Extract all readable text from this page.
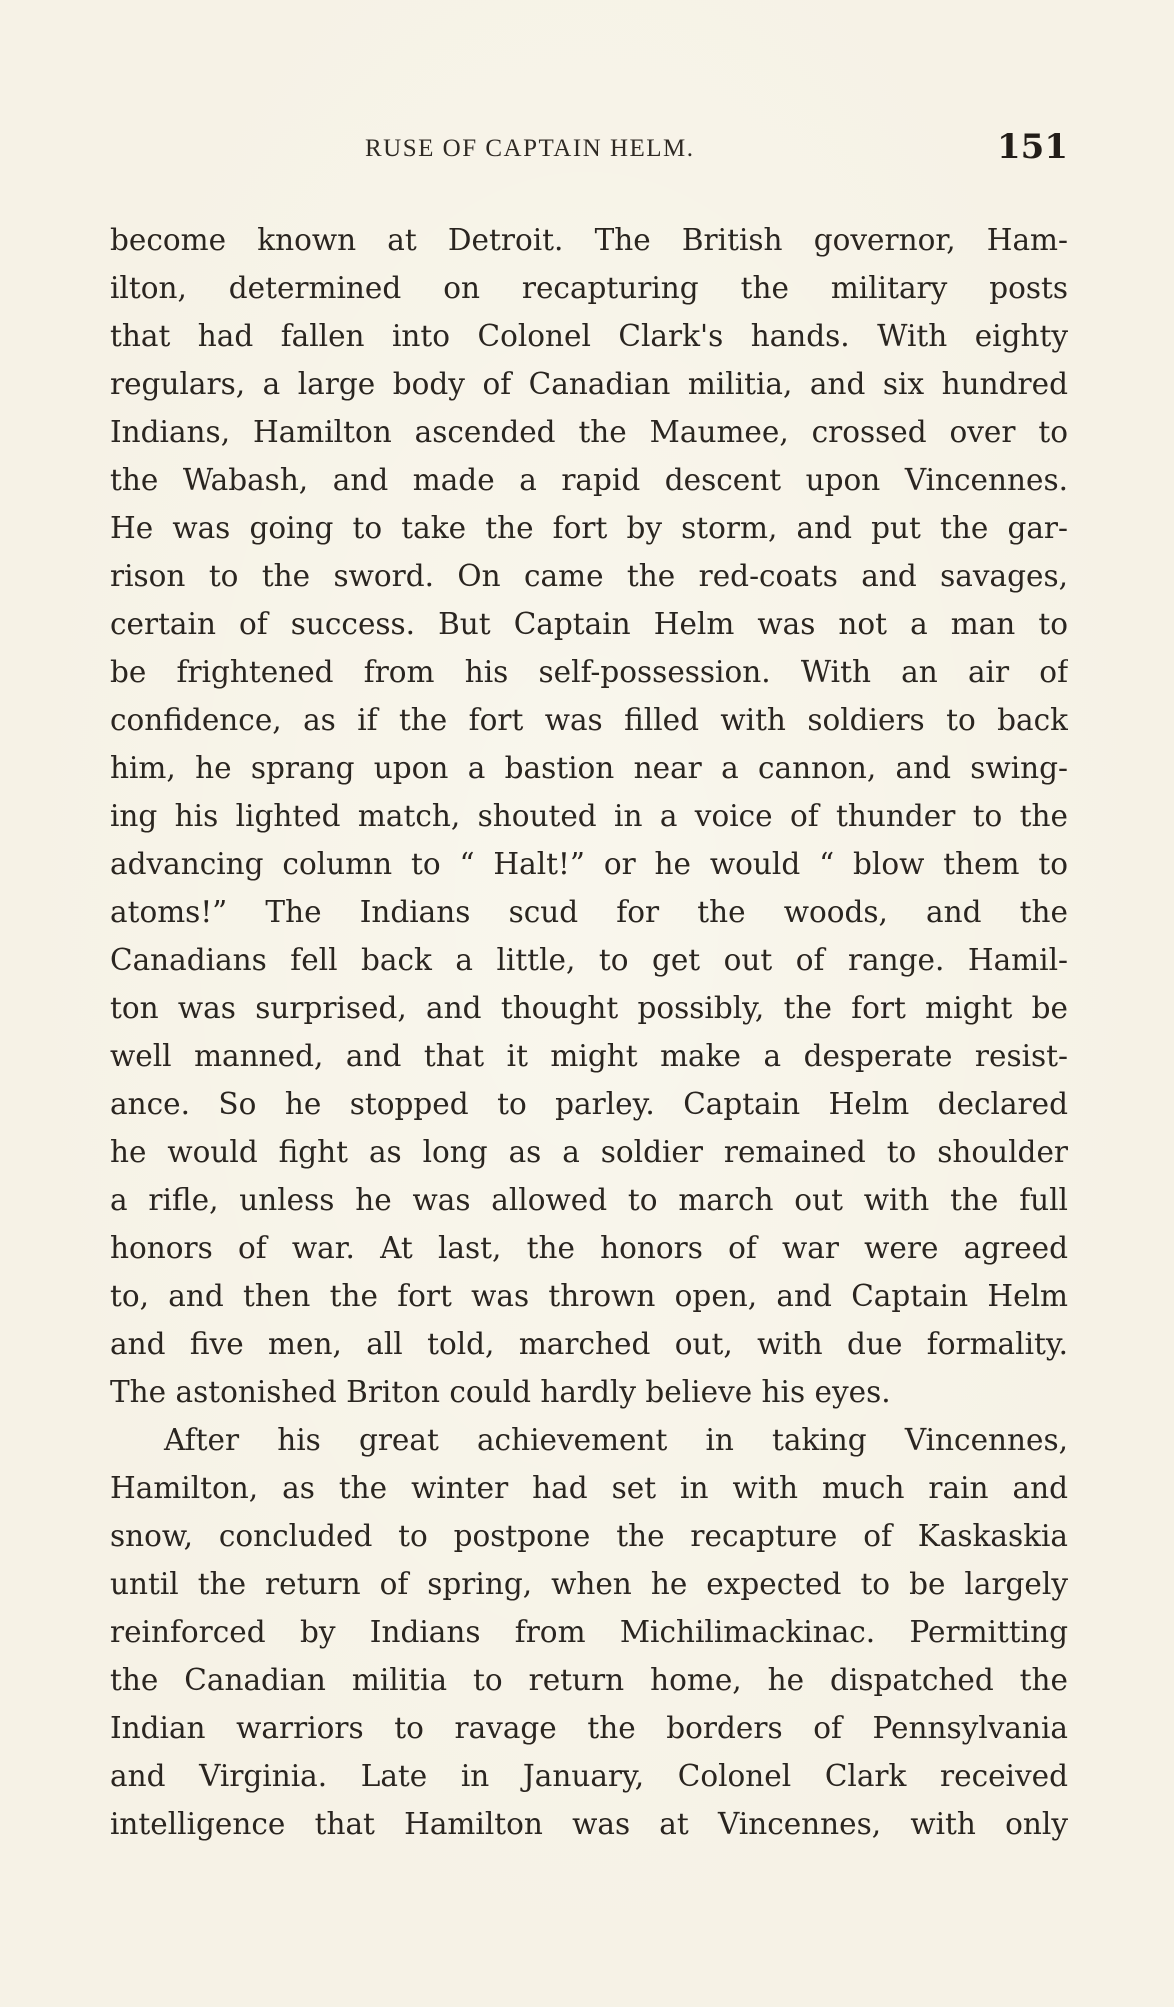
RUSE OF CAPTAIN HELM.	151
become known at Detroit. The British governor, Ham-
ilton, determined on recapturing the military posts
that had fallen into Colonel Clark's hands. With eighty
regulars, a large body of Canadian militia, and six hundred
Indians, Hamilton ascended the Maumee, crossed over to
the Wabash, and made a rapid descent upon Vincennes.
He was going to take the fort by storm, and put the gar-
rison to the sword. On came the red-coats and savages,
certain of success. But Captain Helm was not a man to
be frightened from his self-possession. With an air of
confidence, as if the fort was filled with soldiers to back
him, he sprang upon a bastion near a cannon, and swing-
ing his lighted match, shouted in a voice of thunder to the
advancing column to “ Halt!” or he would “ blow them to
atoms!” The Indians scud for the woods, and the
Canadians fell back a little, to get out of range. Hamil-
ton was surprised, and thought possibly, the fort might be
well manned, and that it might make a desperate resist-
ance. So he stopped to parley. Captain Helm declared
he would fight as long as a soldier remained to shoulder
a rifle, unless he was allowed to march out with the full
honors of war. At last, the honors of war were agreed
to, and then the fort was thrown open, and Captain Helm
and five men, all told, marched out, with due formality.
The astonished Briton could hardly believe his eyes.
After his great achievement in taking Vincennes,
Hamilton, as the winter had set in with much rain and
snow, concluded to postpone the recapture of Kaskaskia
until the return of spring, when he expected to be largely
reinforced by Indians from Michilimackinac. Permitting
the Canadian militia to return home, he dispatched the
Indian warriors to ravage the borders of Pennsylvania
and Virginia. Late in January, Colonel Clark received
intelligence that Hamilton was at Vincennes, with only
